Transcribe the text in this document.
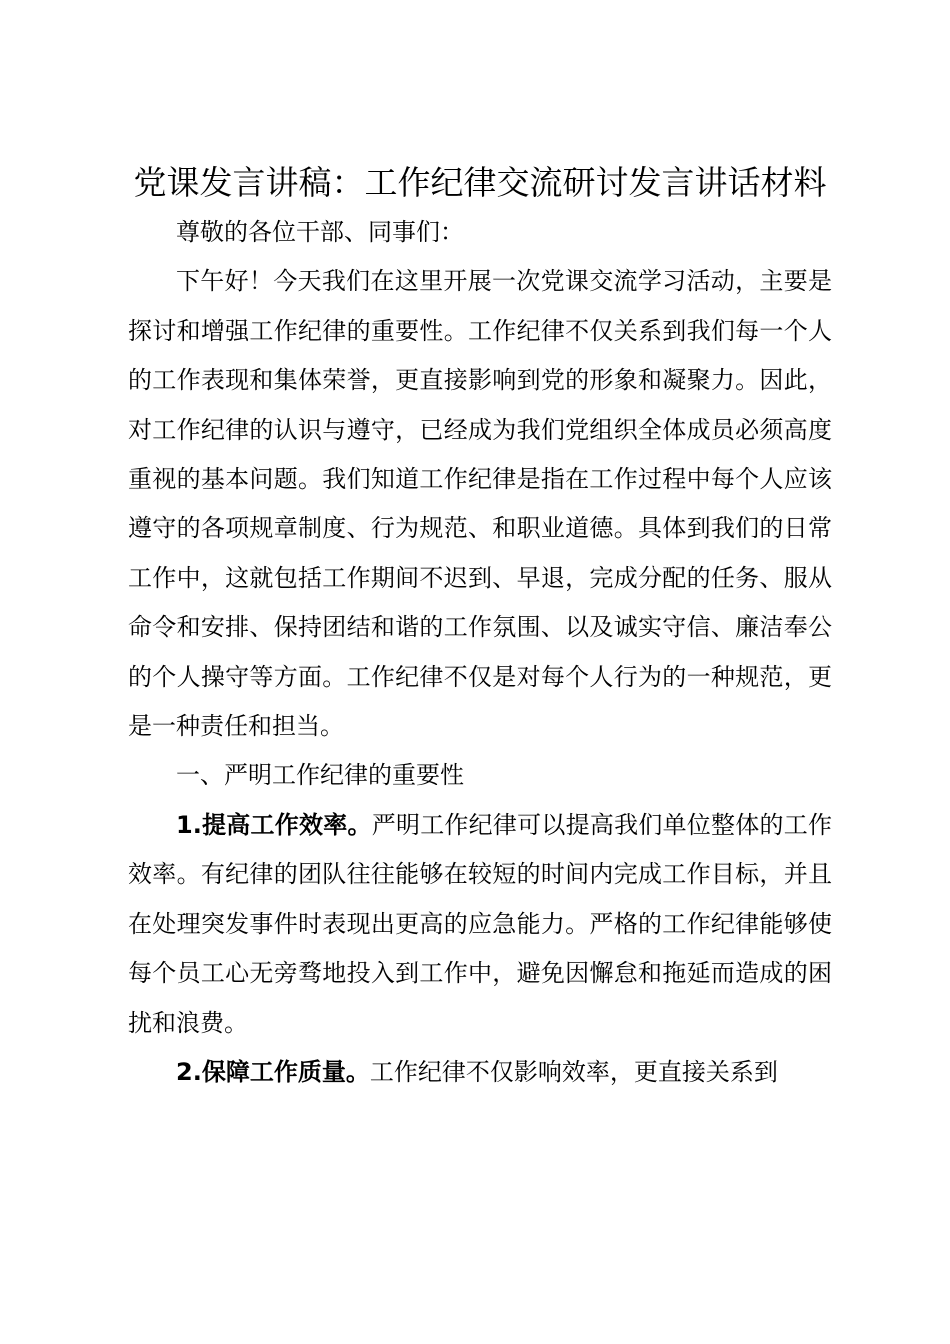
党课发言讲稿：工作纪律交流研讨发言讲话材料

尊敬的各位干部、同事们：

下午好！今天我们在这里开展一次党课交流学习活动，主要是探讨和增强工作纪律的重要性。工作纪律不仅关系到我们每一个人的工作表现和集体荣誉，更直接影响到党的形象和凝聚力。因此，对工作纪律的认识与遵守，已经成为我们党组织全体成员必须高度重视的基本问题。我们知道工作纪律是指在工作过程中每个人应该遵守的各项规章制度、行为规范、和职业道德。具体到我们的日常工作中，这就包括工作期间不迟到、早退，完成分配的任务、服从命令和安排、保持团结和谐的工作氛围、以及诚实守信、廉洁奉公的个人操守等方面。工作纪律不仅是对每个人行为的一种规范，更是一种责任和担当。

一、严明工作纪律的重要性

1.提高工作效率。严明工作纪律可以提高我们单位整体的工作效率。有纪律的团队往往能够在较短的时间内完成工作目标，并且在处理突发事件时表现出更高的应急能力。严格的工作纪律能够使每个员工心无旁骛地投入到工作中，避免因懈怠和拖延而造成的困扰和浪费。

2.保障工作质量。工作纪律不仅影响效率，更直接关系到
